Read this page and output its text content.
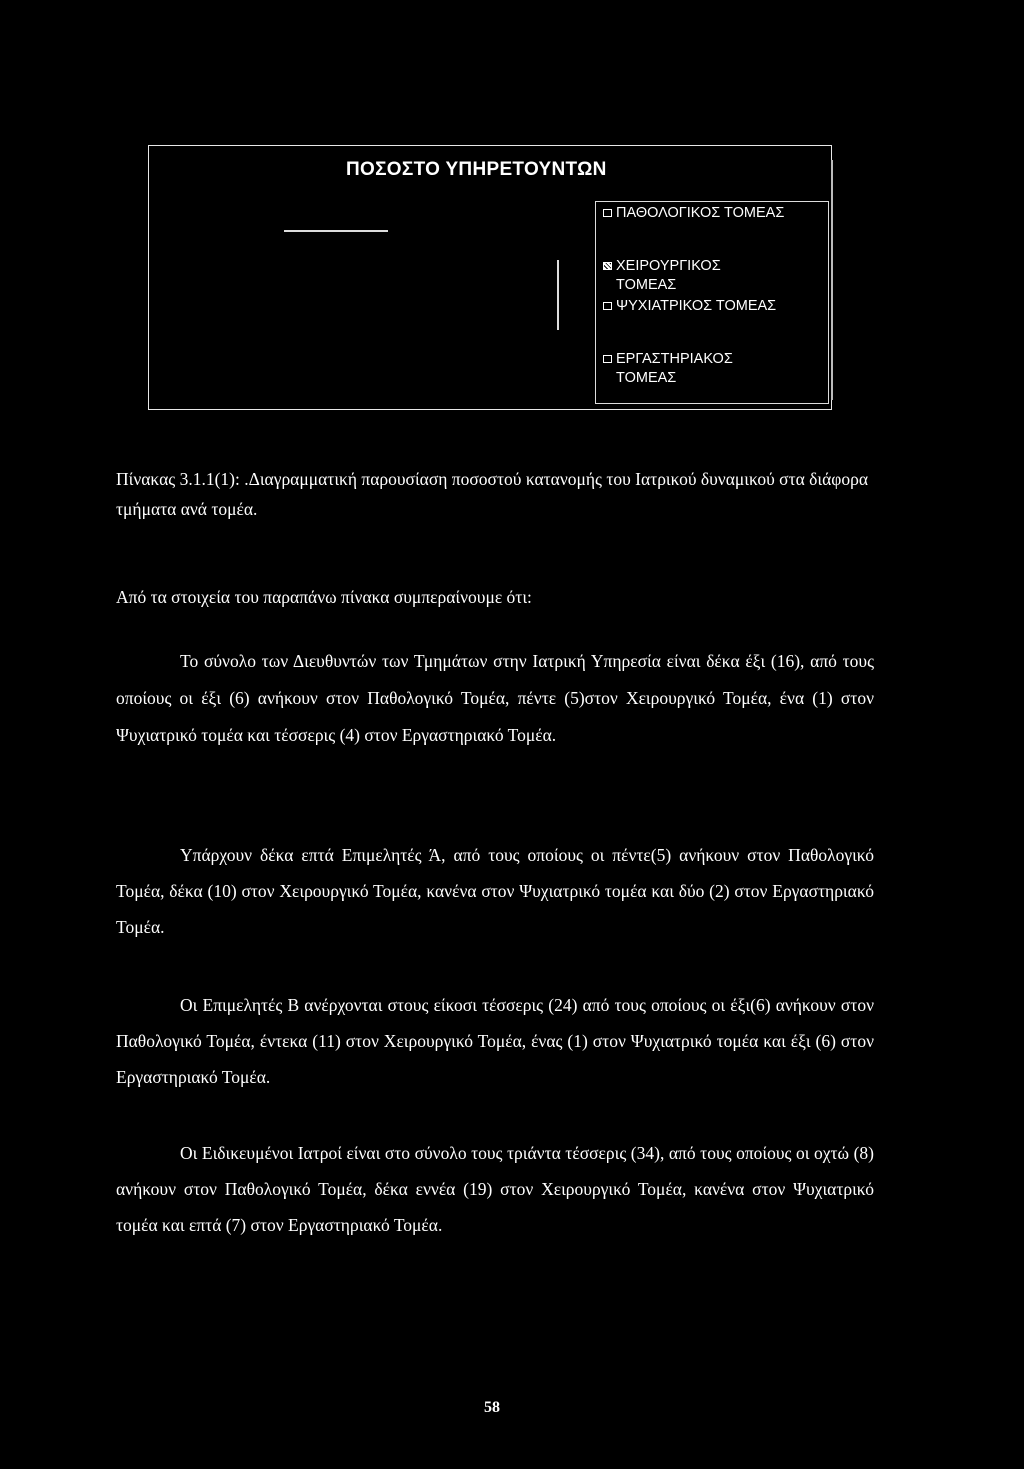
ΠΟΣΟΣΤΟ ΥΠΗΡΕΤΟΥΝΤΩΝ
ΠΑΘΟΛΟΓΙΚΟΣ ΤΟΜΕΑΣ
ΧΕΙΡΟΥΡΓΙΚΟΣ ΤΟΜΕΑΣ
ΨΥΧΙΑΤΡΙΚΟΣ ΤΟΜΕΑΣ
ΕΡΓΑΣΤΗΡΙΑΚΟΣ ΤΟΜΕΑΣ
Πίνακας 3.1.1(1): .Διαγραμματική παρουσίαση ποσοστού κατανομής του Ιατρικού δυναμικού στα διάφορα τμήματα ανά τομέα.
Από τα στοιχεία του παραπάνω πίνακα συμπεραίνουμε ότι:
Το σύνολο των Διευθυντών των Τμημάτων στην Ιατρική Υπηρεσία είναι δέκα έξι (16), από τους οποίους οι έξι (6) ανήκουν στον Παθολογικό Τομέα, πέντε (5)στον Χειρουργικό Τομέα, ένα (1) στον Ψυχιατρικό τομέα και τέσσερις (4) στον Εργαστηριακό Τομέα.
Υπάρχουν δέκα επτά Επιμελητές Ά, από τους οποίους οι πέντε(5) ανήκουν στον Παθολογικό Τομέα, δέκα (10) στον Χειρουργικό Τομέα, κανένα στον Ψυχιατρικό τομέα και δύο (2) στον Εργαστηριακό Τομέα.
Οι Επιμελητές Β ανέρχονται στους είκοσι τέσσερις (24) από τους οποίους οι έξι(6) ανήκουν στον Παθολογικό Τομέα, έντεκα (11) στον Χειρουργικό Τομέα, ένας (1) στον Ψυχιατρικό τομέα και έξι (6) στον Εργαστηριακό Τομέα.
Οι Ειδικευμένοι Ιατροί είναι στο σύνολο τους τριάντα τέσσερις (34), από τους οποίους οι οχτώ (8) ανήκουν στον Παθολογικό Τομέα, δέκα εννέα (19) στον Χειρουργικό Τομέα, κανένα στον Ψυχιατρικό τομέα και επτά (7) στον Εργαστηριακό Τομέα.
58
